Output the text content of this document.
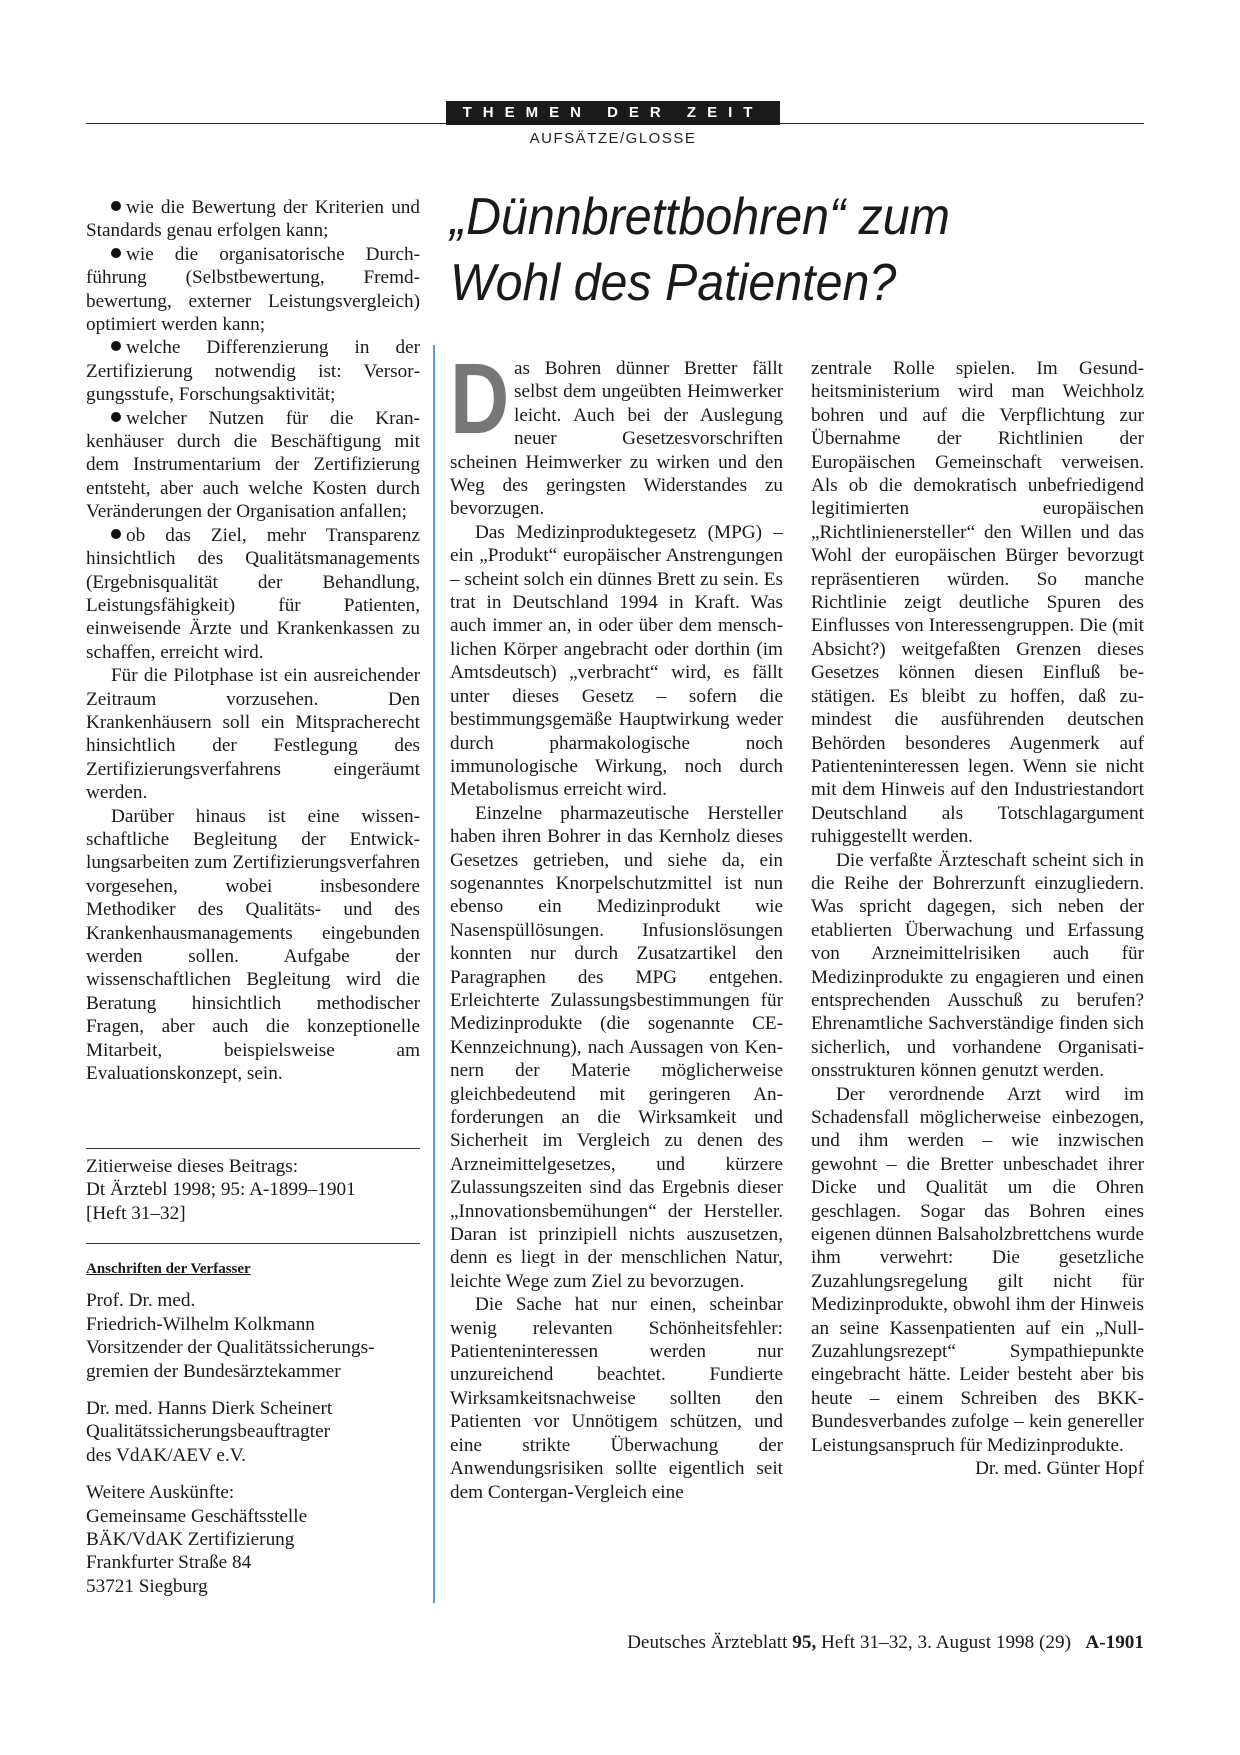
THEMEN DER ZEIT
AUFSÄTZE/GLOSSE

wie die Bewertung der Kriterien und Standards genau erfolgen kann;

wie die organisatorische Durchführung (Selbstbewertung, Fremdbewertung, externer Leistungsvergleich) optimiert werden kann;

welche Differenzierung in der Zertifizierung notwendig ist: Versorgungsstufe, Forschungsaktivität;

welcher Nutzen für die Krankenhäuser durch die Beschäftigung mit dem Instrumentarium der Zertifizierung entsteht, aber auch welche Kosten durch Veränderungen der Organisation anfallen;

ob das Ziel, mehr Transparenz hinsichtlich des Qualitätsmanagements (Ergebnisqualität der Behandlung, Leistungsfähigkeit) für Patienten, einweisende Ärzte und Krankenkassen zu schaffen, erreicht wird.

Für die Pilotphase ist ein ausreichender Zeitraum vorzusehen. Den Krankenhäusern soll ein Mitspracherecht hinsichtlich der Festlegung des Zertifizierungsverfahrens eingeräumt werden.

Darüber hinaus ist eine wissenschaftliche Begleitung der Entwicklungsarbeiten zum Zertifizierungsverfahren vorgesehen, wobei insbesondere Methodiker des Qualitäts- und des Krankenhausmanagements eingebunden werden sollen. Aufgabe der wissenschaftlichen Begleitung wird die Beratung hinsichtlich methodischer Fragen, aber auch die konzeptionelle Mitarbeit, beispielsweise am Evaluationskonzept, sein.

Zitierweise dieses Beitrags:
Dt Ärztebl 1998; 95: A-1899–1901
[Heft 31–32]
Anschriften der Verfasser
Prof. Dr. med.
Friedrich-Wilhelm Kolkmann
Vorsitzender der Qualitätssicherungsgremien der Bundesärztekammer
Dr. med. Hanns Dierk Scheinert
Qualitätssicherungsbeauftragter
des VdAK/AEV e.V.
Weitere Auskünfte:
Gemeinsame Geschäftsstelle
BÄK/VdAK Zertifizierung
Frankfurter Straße 84
53721 Siegburg
„Dünnbrettbohren“ zum
Wohl des Patienten?

Das Bohren dünner Bretter fällt selbst dem ungeübten Heimwerker leicht. Auch bei der Auslegung neuer Gesetzesvorschriften scheinen Heimwerker zu wirken und den Weg des geringsten Widerstandes zu bevorzugen.

Das Medizinproduktegesetz (MPG) – ein „Produkt“ europäischer Anstrengungen – scheint solch ein dünnes Brett zu sein. Es trat in Deutschland 1994 in Kraft. Was auch immer an, in oder über dem menschlichen Körper angebracht oder dorthin (im Amtsdeutsch) „verbracht“ wird, es fällt unter dieses Gesetz – sofern die bestimmungsgemäße Hauptwirkung weder durch pharmakologische noch immunologische Wirkung, noch durch Metabolismus erreicht wird.

Einzelne pharmazeutische Hersteller haben ihren Bohrer in das Kernholz dieses Gesetzes getrieben, und siehe da, ein sogenanntes Knorpelschutzmittel ist nun ebenso ein Medizinprodukt wie Nasenspüllösungen. Infusionslösungen konnten nur durch Zusatzartikel den Paragraphen des MPG entgehen. Erleichterte Zulassungsbestimmungen für Medizinprodukte (die sogenannte CE-Kennzeichnung), nach Aussagen von Kennern der Materie möglicherweise gleichbedeutend mit geringeren Anforderungen an die Wirksamkeit und Sicherheit im Vergleich zu denen des Arzneimittelgesetzes, und kürzere Zulassungszeiten sind das Ergebnis dieser „Innovationsbemühungen“ der Hersteller. Daran ist prinzipiell nichts auszusetzen, denn es liegt in der menschlichen Natur, leichte Wege zum Ziel zu bevorzugen.

Die Sache hat nur einen, scheinbar wenig relevanten Schönheitsfehler: Patienteninteressen werden nur unzureichend beachtet. Fundierte Wirksamkeitsnachweise sollten den Patienten vor Unnötigem schützen, und eine strikte Überwachung der Anwendungsrisiken sollte eigentlich seit dem Contergan-Vergleich eine

zentrale Rolle spielen. Im Gesundheitsministerium wird man Weichholz bohren und auf die Verpflichtung zur Übernahme der Richtlinien der Europäischen Gemeinschaft verweisen. Als ob die demokratisch unbefriedigend legitimierten europäischen „Richtlinienersteller“ den Willen und das Wohl der europäischen Bürger bevorzugt repräsentieren würden. So manche Richtlinie zeigt deutliche Spuren des Einflusses von Interessengruppen. Die (mit Absicht?) weitgefaßten Grenzen dieses Gesetzes können diesen Einfluß bestätigen. Es bleibt zu hoffen, daß zumindest die ausführenden deutschen Behörden besonderes Augenmerk auf Patienteninteressen legen. Wenn sie nicht mit dem Hinweis auf den Industriestandort Deutschland als Totschlagargument ruhiggestellt werden.

Die verfaßte Ärzteschaft scheint sich in die Reihe der Bohrerzunft einzugliedern. Was spricht dagegen, sich neben der etablierten Überwachung und Erfassung von Arzneimittelrisiken auch für Medizinprodukte zu engagieren und einen entsprechenden Ausschuß zu berufen? Ehrenamtliche Sachverständige finden sich sicherlich, und vorhandene Organisationsstrukturen können genutzt werden.

Der verordnende Arzt wird im Schadensfall möglicherweise einbezogen, und ihm werden – wie inzwischen gewohnt – die Bretter unbeschadet ihrer Dicke und Qualität um die Ohren geschlagen. Sogar das Bohren eines eigenen dünnen Balsaholzbrettchens wurde ihm verwehrt: Die gesetzliche Zuzahlungsregelung gilt nicht für Medizinprodukte, obwohl ihm der Hinweis an seine Kassenpatienten auf ein „Null-Zuzahlungsrezept“ Sympathiepunkte eingebracht hätte. Leider besteht aber bis heute – einem Schreiben des BKK-Bundesverbandes zufolge – kein genereller Leistungsanspruch für Medizinprodukte.
Dr. med. Günter Hopf

Deutsches Ärzteblatt 95, Heft 31–32, 3. August 1998 (29) A-1901
